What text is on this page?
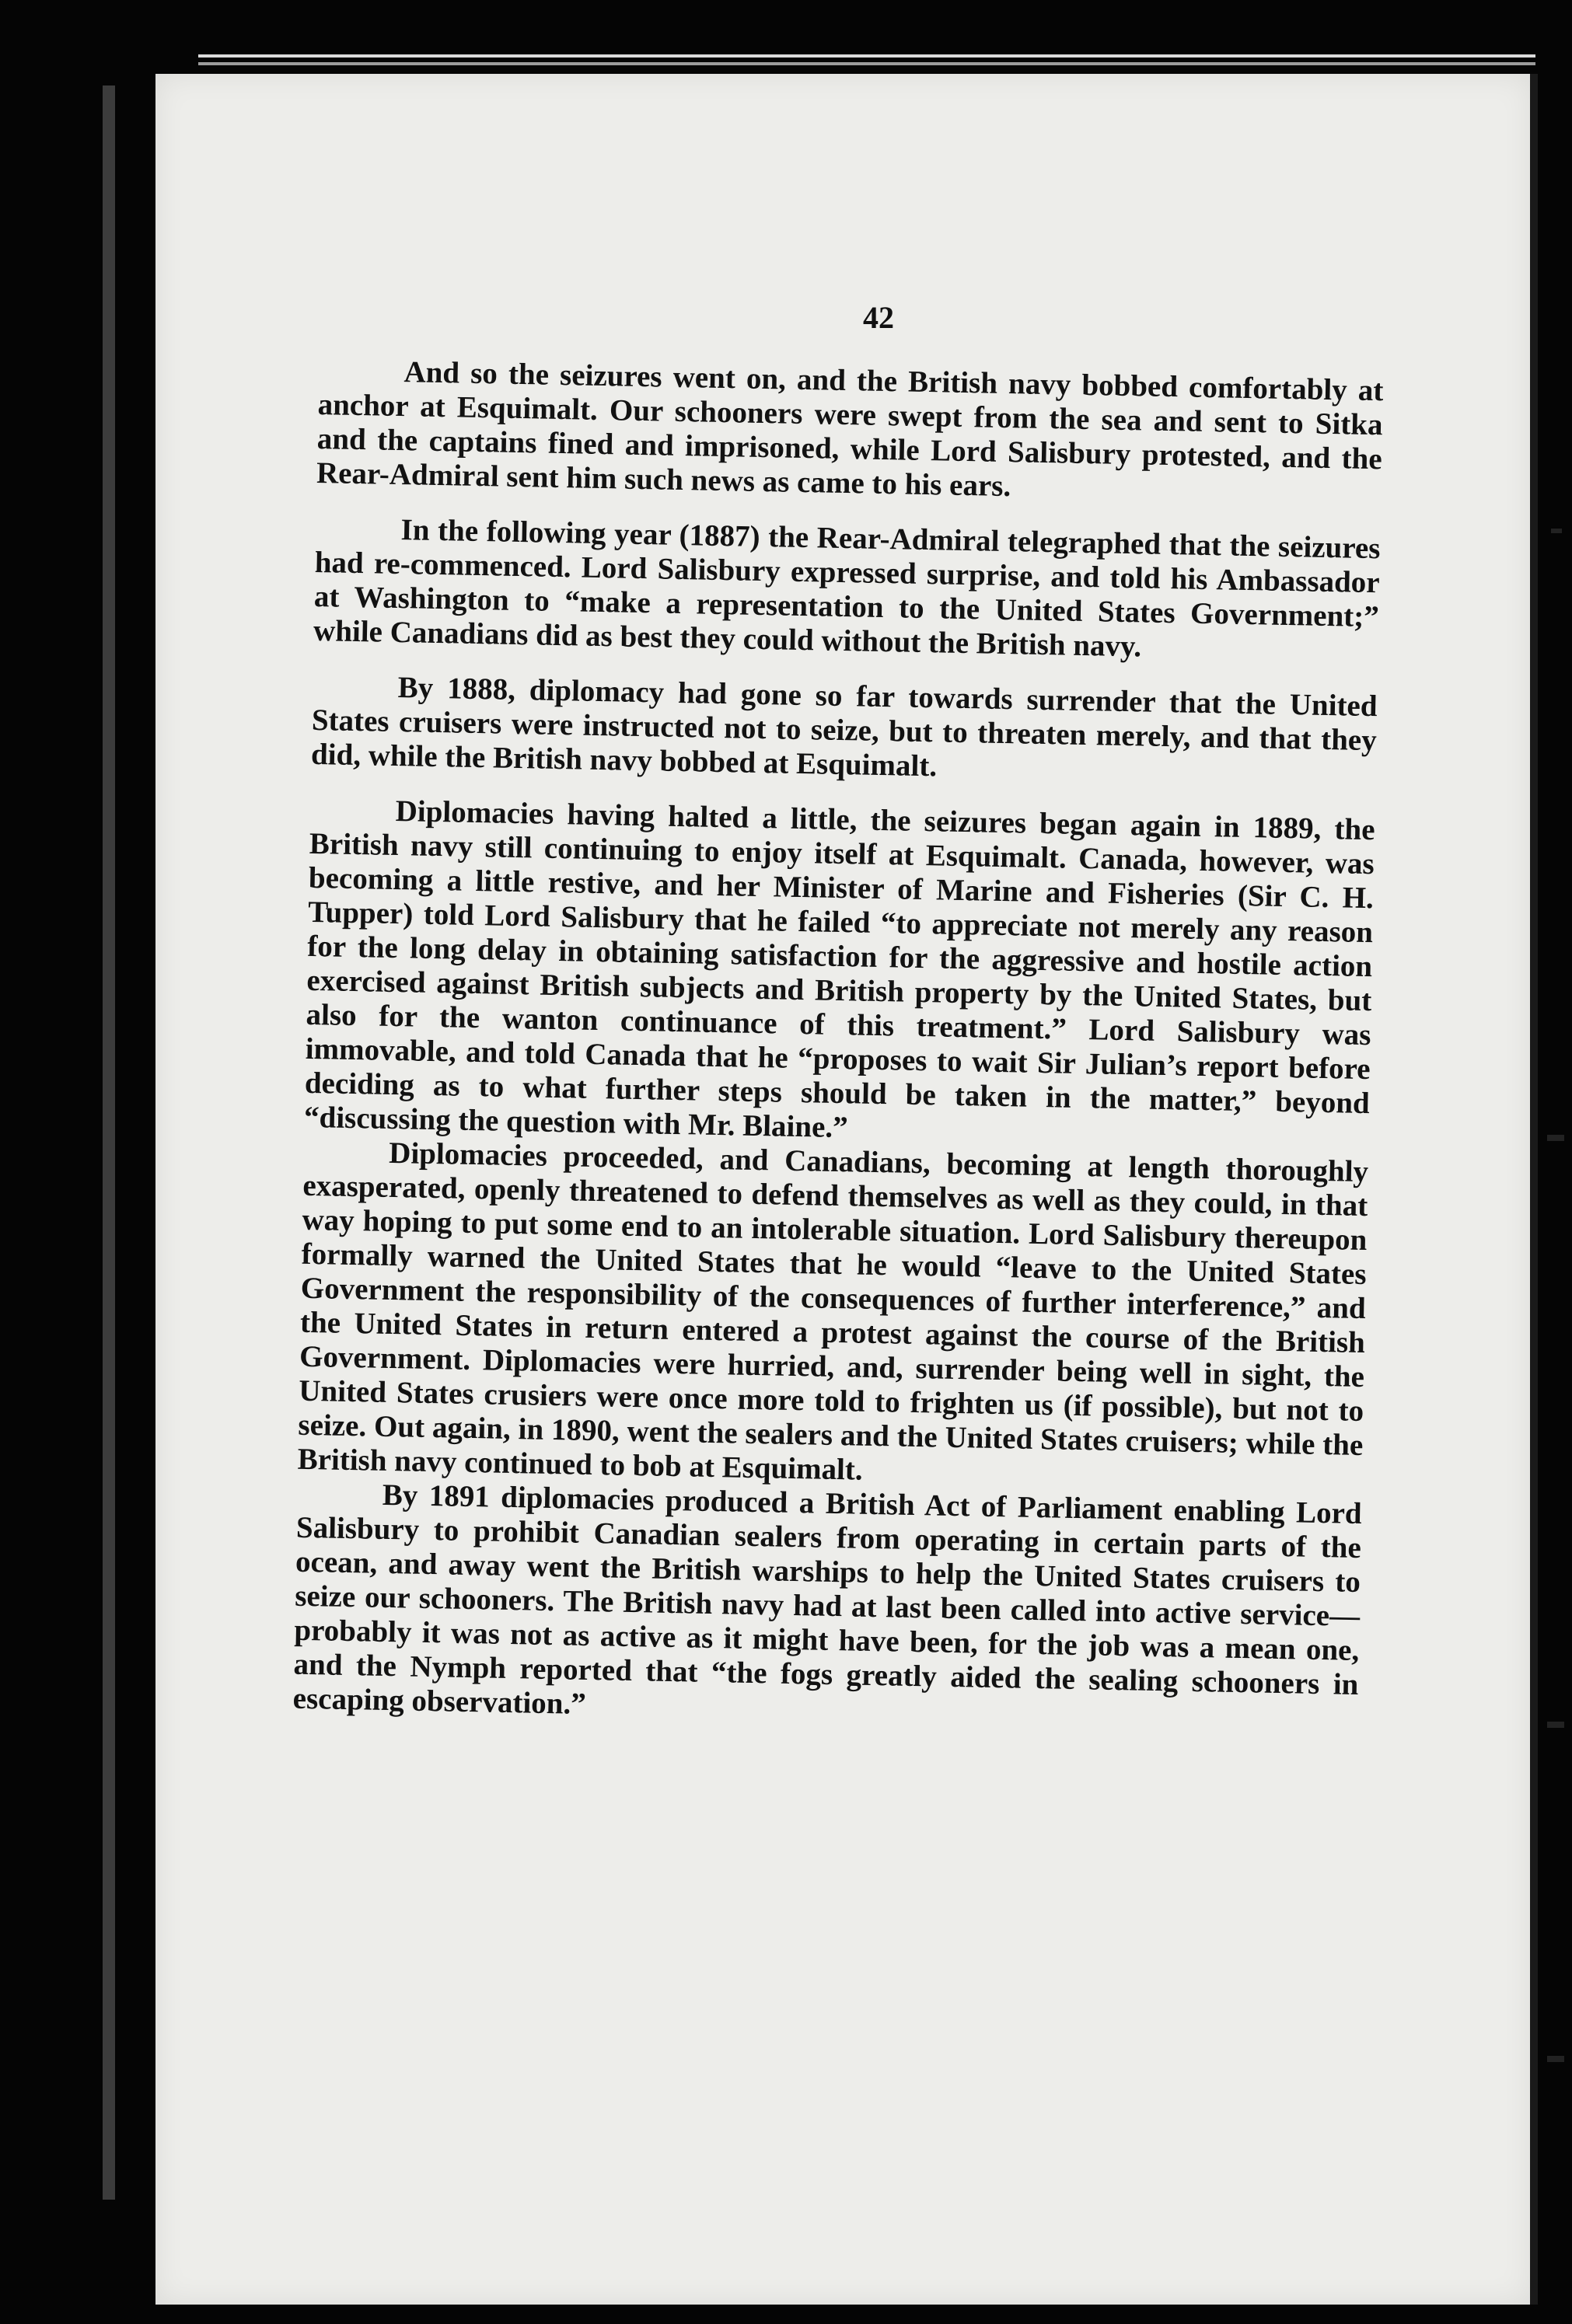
42

And so the seizures went on, and the British navy bobbed comfortably at anchor at Esquimalt. Our schooners were swept from the sea and sent to Sitka and the captains fined and imprisoned, while Lord Salisbury protested, and the Rear-Admiral sent him such news as came to his ears.

In the following year (1887) the Rear-Admiral telegraphed that the seizures had re-commenced. Lord Salisbury expressed surprise, and told his Ambassador at Washington to “make a representation to the United States Government;” while Canadians did as best they could without the British navy.

By 1888, diplomacy had gone so far towards surrender that the United States cruisers were instructed not to seize, but to threaten merely, and that they did, while the British navy bobbed at Esquimalt.

Diplomacies having halted a little, the seizures began again in 1889, the British navy still continuing to enjoy itself at Esquimalt. Canada, however, was becoming a little restive, and her Minister of Marine and Fisheries (Sir C. H. Tupper) told Lord Salisbury that he failed “to appreciate not merely any reason for the long delay in obtaining satisfaction for the aggressive and hostile action exercised against British subjects and British property by the United States, but also for the wanton continuance of this treatment.” Lord Salisbury was immovable, and told Canada that he “proposes to wait Sir Julian’s report before deciding as to what further steps should be taken in the matter,” beyond “discussing the question with Mr. Blaine.”

Diplomacies proceeded, and Canadians, becoming at length thoroughly exasperated, openly threatened to defend themselves as well as they could, in that way hoping to put some end to an intolerable situation. Lord Salisbury thereupon formally warned the United States that he would “leave to the United States Government the responsibility of the consequences of further interference,” and the United States in return entered a protest against the course of the British Government. Diplomacies were hurried, and, surrender being well in sight, the United States crusiers were once more told to frighten us (if possible), but not to seize. Out again, in 1890, went the sealers and the United States cruisers; while the British navy continued to bob at Esquimalt.

By 1891 diplomacies produced a British Act of Parliament enabling Lord Salisbury to prohibit Canadian sealers from operating in certain parts of the ocean, and away went the British warships to help the United States cruisers to seize our schooners. The British navy had at last been called into active service—probably it was not as active as it might have been, for the job was a mean one, and the Nymph reported that “the fogs greatly aided the sealing schooners in escaping observation.”
